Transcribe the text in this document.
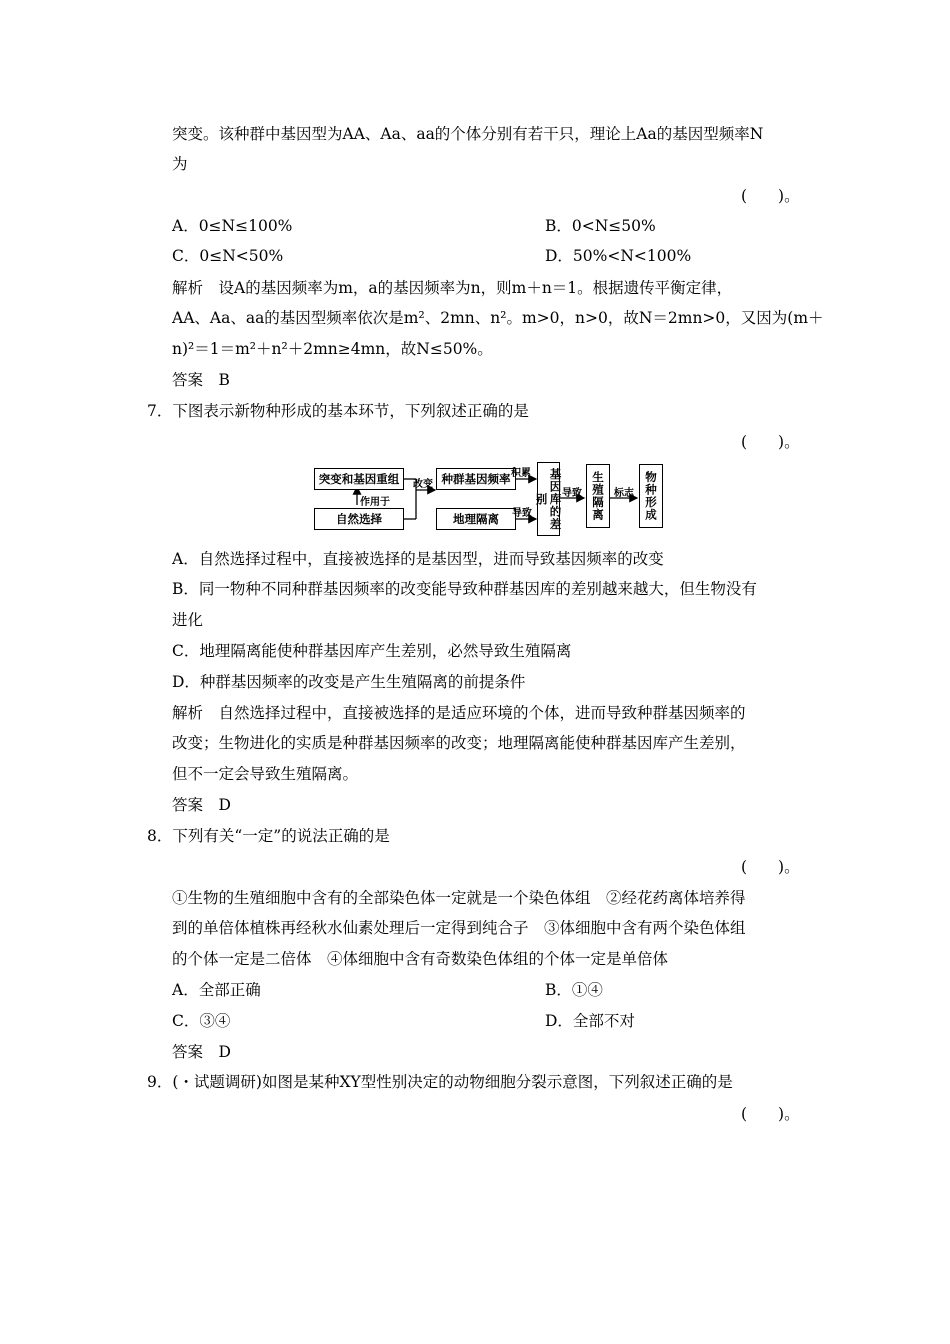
突变。该种群中基因型为AA、Aa、aa的个体分别有若干只，理论上Aa的基因型频率N
为
(　　)。
A．0≤N≤100%	B．0<N≤50%
C．0≤N<50%	D．50%<N<100%
解析　设A的基因频率为m，a的基因频率为n，则m＋n＝1。根据遗传平衡定律，
AA、Aa、aa的基因型频率依次是m²、2mn、n²。m>0，n>0，故N＝2mn>0，又因为(m＋
n)²＝1＝m²＋n²＋2mn≥4mn，故N≤50%。
答案　B
7．下图表示新物种形成的基本环节，下列叙述正确的是
(　　)。
突变和基因重组
作用于
自然选择
改变 种群基因频率 积累
地理隔离	导致	基因库的差别	导致 生殖隔离 标志 物种形成
A．自然选择过程中，直接被选择的是基因型，进而导致基因频率的改变
B．同一物种不同种群基因频率的改变能导致种群基因库的差别越来越大，但生物没有
进化
C．地理隔离能使种群基因库产生差别，必然导致生殖隔离
D．种群基因频率的改变是产生生殖隔离的前提条件
解析　自然选择过程中，直接被选择的是适应环境的个体，进而导致种群基因频率的
改变；生物进化的实质是种群基因频率的改变；地理隔离能使种群基因库产生差别，
但不一定会导致生殖隔离。
答案　D
8．下列有关“一定”的说法正确的是
(　　)。
①生物的生殖细胞中含有的全部染色体一定就是一个染色体组　②经花药离体培养得
到的单倍体植株再经秋水仙素处理后一定得到纯合子　③体细胞中含有两个染色体组
的个体一定是二倍体　④体细胞中含有奇数染色体组的个体一定是单倍体
A．全部正确	B．①④
C．③④	D．全部不对
答案　D
9．(・试题调研)如图是某种XY型性别决定的动物细胞分裂示意图，下列叙述正确的是
(　　)。
